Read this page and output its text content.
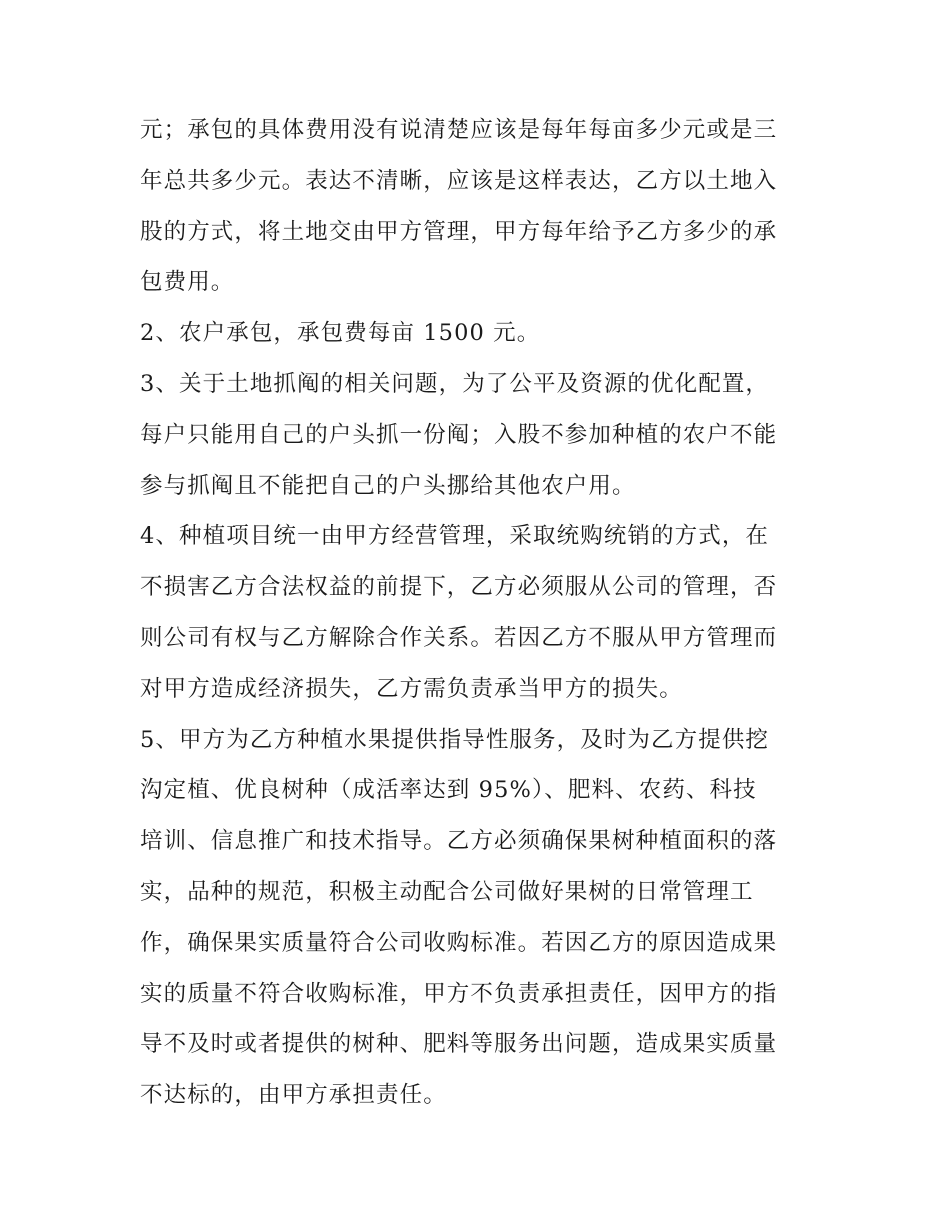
元；承包的具体费用没有说清楚应该是每年每亩多少元或是三
年总共多少元。表达不清晰，应该是这样表达，乙方以土地入
股的方式，将土地交由甲方管理，甲方每年给予乙方多少的承
包费用。
2、农户承包，承包费每亩 1500 元。
3、关于土地抓阄的相关问题，为了公平及资源的优化配置，
每户只能用自己的户头抓一份阄；入股不参加种植的农户不能
参与抓阄且不能把自己的户头挪给其他农户用。
4、种植项目统一由甲方经营管理，采取统购统销的方式，在
不损害乙方合法权益的前提下，乙方必须服从公司的管理，否
则公司有权与乙方解除合作关系。若因乙方不服从甲方管理而
对甲方造成经济损失，乙方需负责承当甲方的损失。
5、甲方为乙方种植水果提供指导性服务，及时为乙方提供挖
沟定植、优良树种（成活率达到 95%）、肥料、农药、科技
培训、信息推广和技术指导。乙方必须确保果树种植面积的落
实，品种的规范，积极主动配合公司做好果树的日常管理工
作，确保果实质量符合公司收购标准。若因乙方的原因造成果
实的质量不符合收购标准，甲方不负责承担责任，因甲方的指
导不及时或者提供的树种、肥料等服务出问题，造成果实质量
不达标的，由甲方承担责任。
